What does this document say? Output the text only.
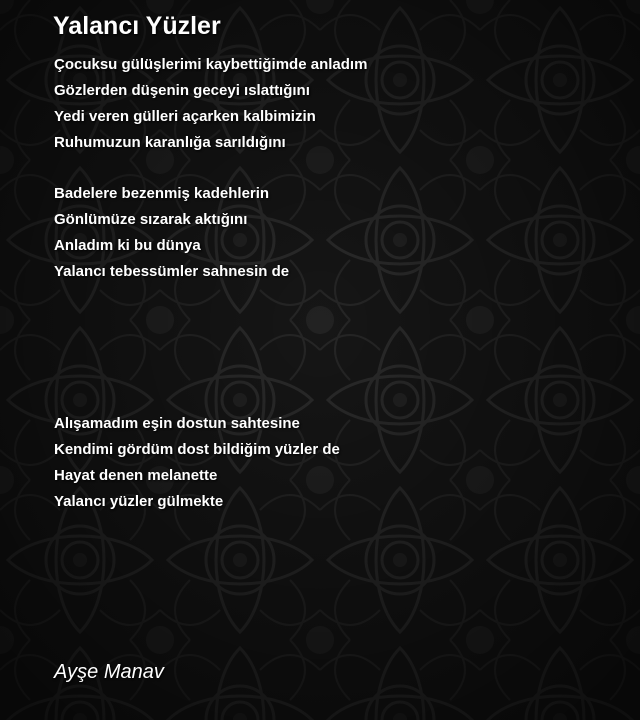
Yalancı Yüzler
Çocuksu gülüşlerimi kaybettiğimde anladım
Gözlerden düşenin geceyi ıslattığını
Yedi veren gülleri açarken kalbimizin
Ruhumuzun karanlığa sarıldığını
Badelere bezenmiş kadehlerin
Gönlümüze sızarak aktığını
Anladım ki bu dünya
Yalancı tebessümler sahnesin de
Alışamadım eşin dostun sahtesine
Kendimi gördüm dost bildiğim yüzler de
Hayat denen melanette
Yalancı yüzler gülmekte

Ayşe Manav
